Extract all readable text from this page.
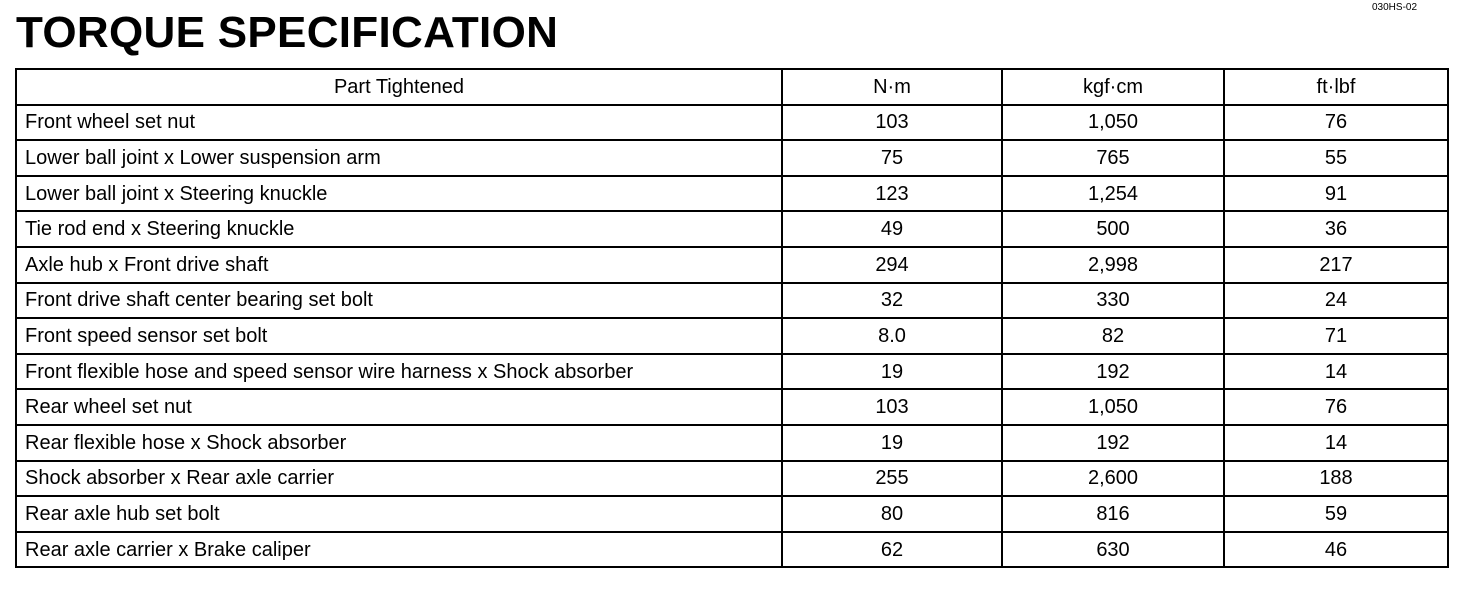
TORQUE SPECIFICATION
030HS-02
Part Tightened	N·m	kgf·cm	ft·lbf
Front wheel set nut	103	1,050	76
Lower ball joint x Lower suspension arm	75	765	55
Lower ball joint x Steering knuckle	123	1,254	91
Tie rod end x Steering knuckle	49	500	36
Axle hub x Front drive shaft	294	2,998	217
Front drive shaft center bearing set bolt	32	330	24
Front speed sensor set bolt	8.0	82	71
Front flexible hose and speed sensor wire harness x Shock absorber	19	192	14
Rear wheel set nut	103	1,050	76
Rear flexible hose x Shock absorber	19	192	14
Shock absorber x Rear axle carrier	255	2,600	188
Rear axle hub set bolt	80	816	59
Rear axle carrier x Brake caliper	62	630	46
